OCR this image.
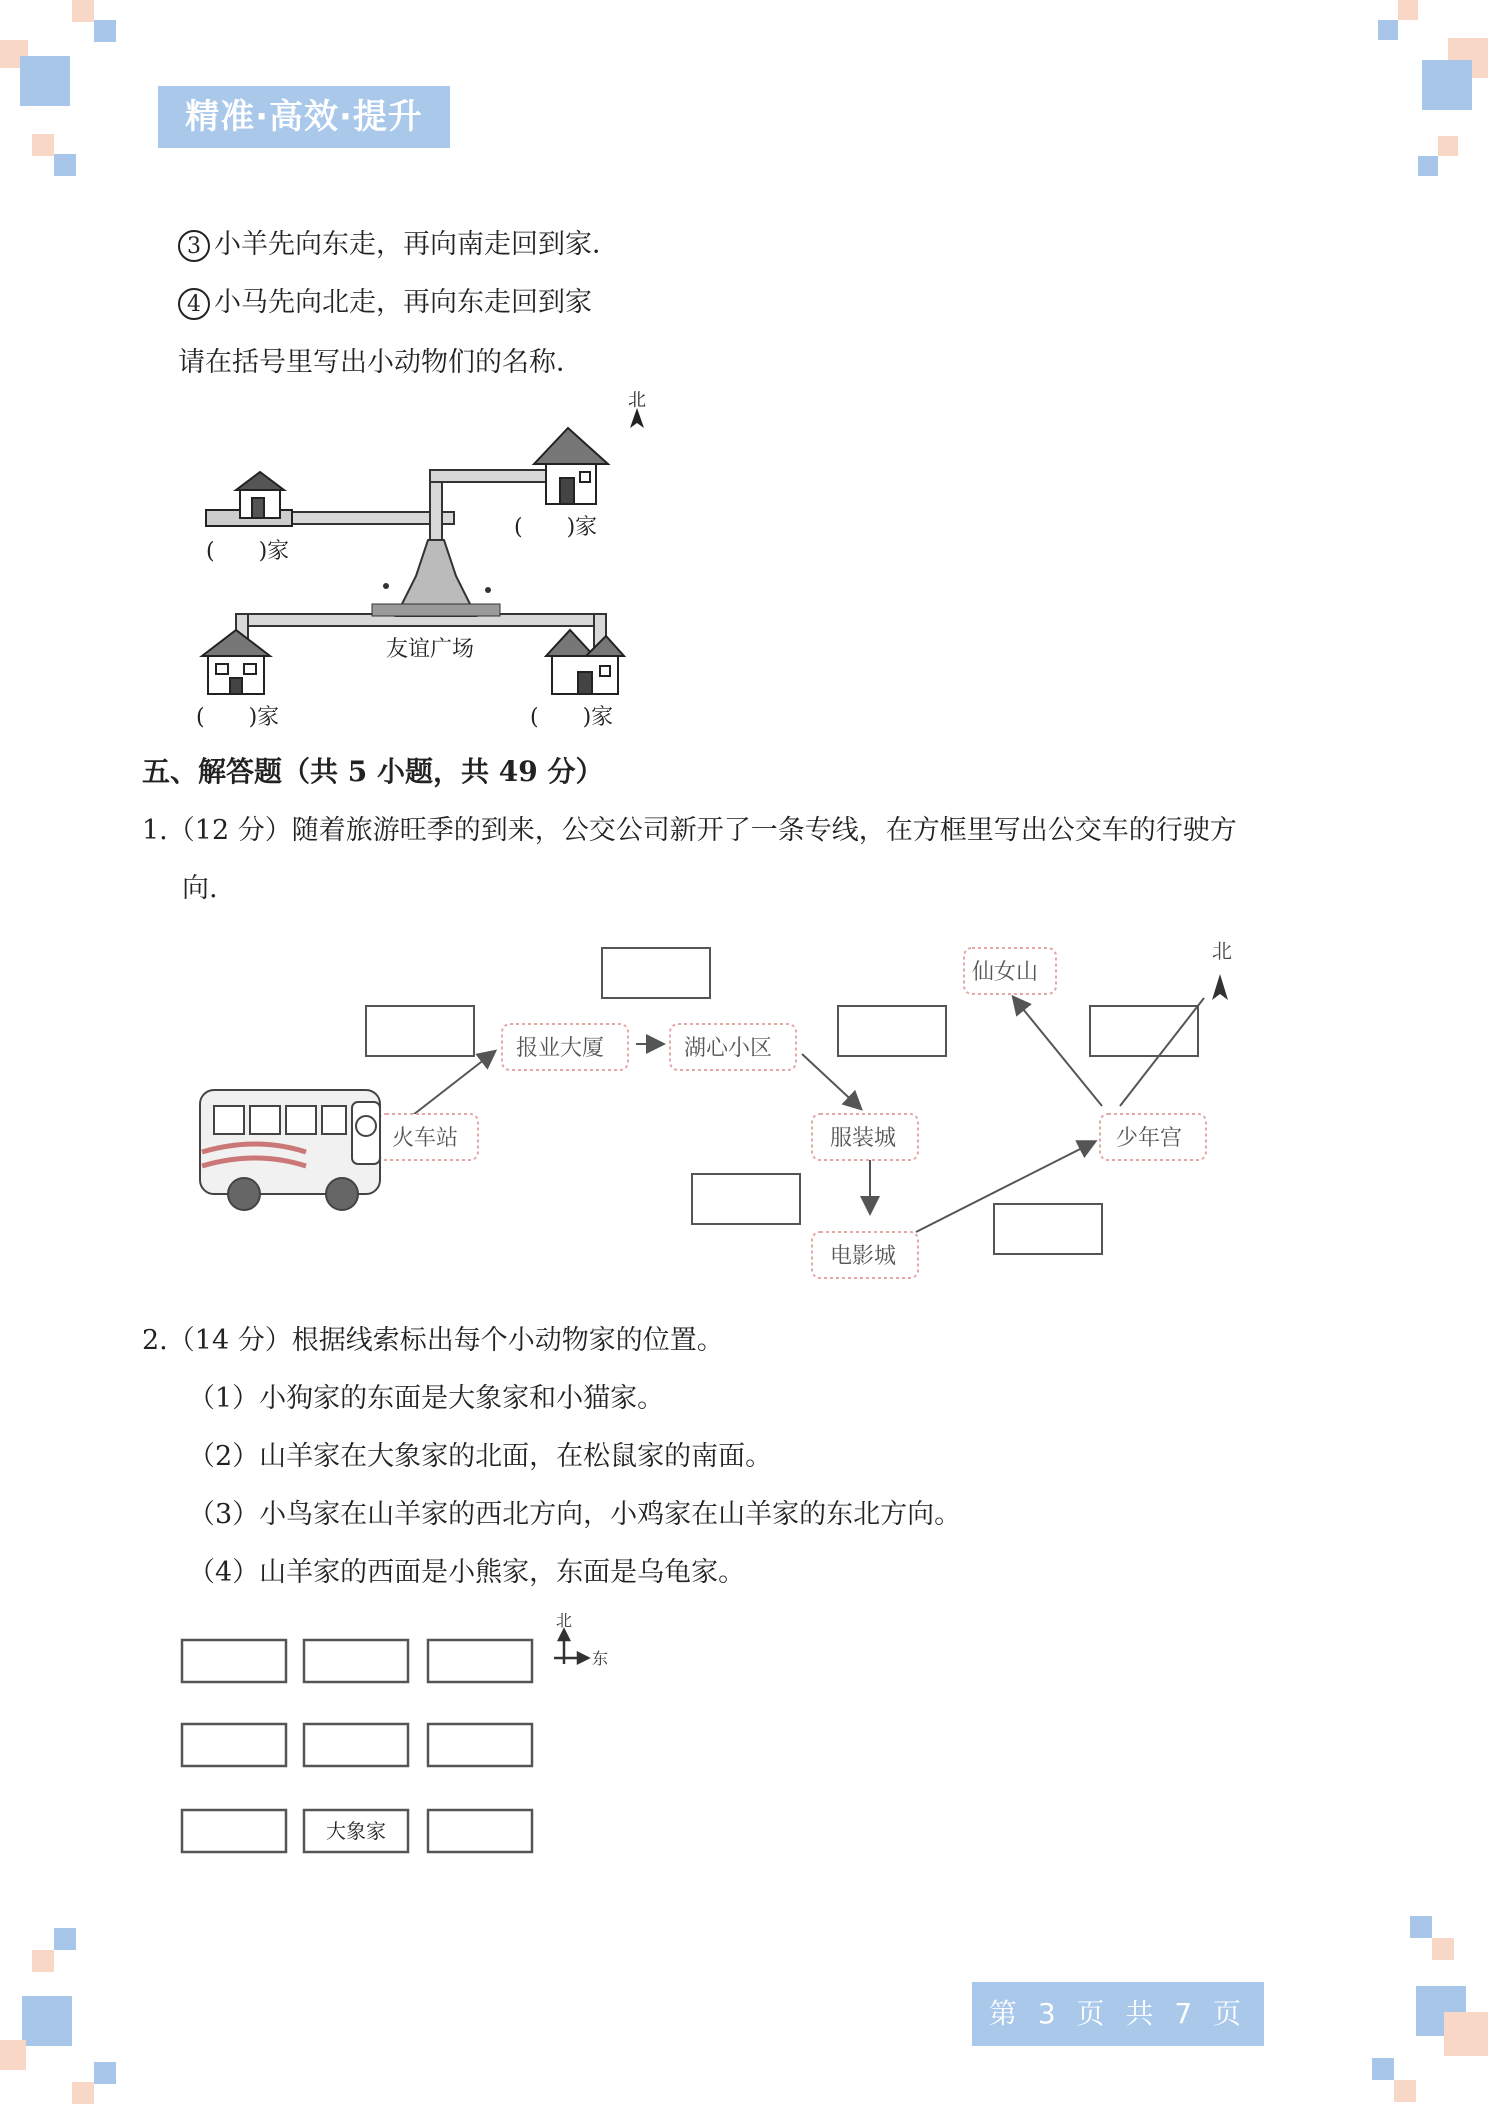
精准·高效·提升
3 小羊先向东走，再向南走回到家．
4 小马先向北走，再向东走回到家
请在括号里写出小动物们的名称．
友谊广场
北
(　　)家
(　　)家
(　　)家	(　　)家
五、解答题（共 5 小题，共 49 分）
1.（12 分）随着旅游旺季的到来，公交公司新开了一条专线，在方框里写出公交车的行驶方
向.
火车站
报业大厦	湖心小区
服装城
电影城
少年宫
仙女山
北
2.（14 分）根据线索标出每个小动物家的位置。
（1）小狗家的东面是大象家和小猫家。
（2）山羊家在大象家的北面，在松鼠家的南面。
（3）小鸟家在山羊家的西北方向，小鸡家在山羊家的东北方向。
（4）山羊家的西面是小熊家，东面是乌龟家。
大象家
北
东
第 3 页 共 7 页
